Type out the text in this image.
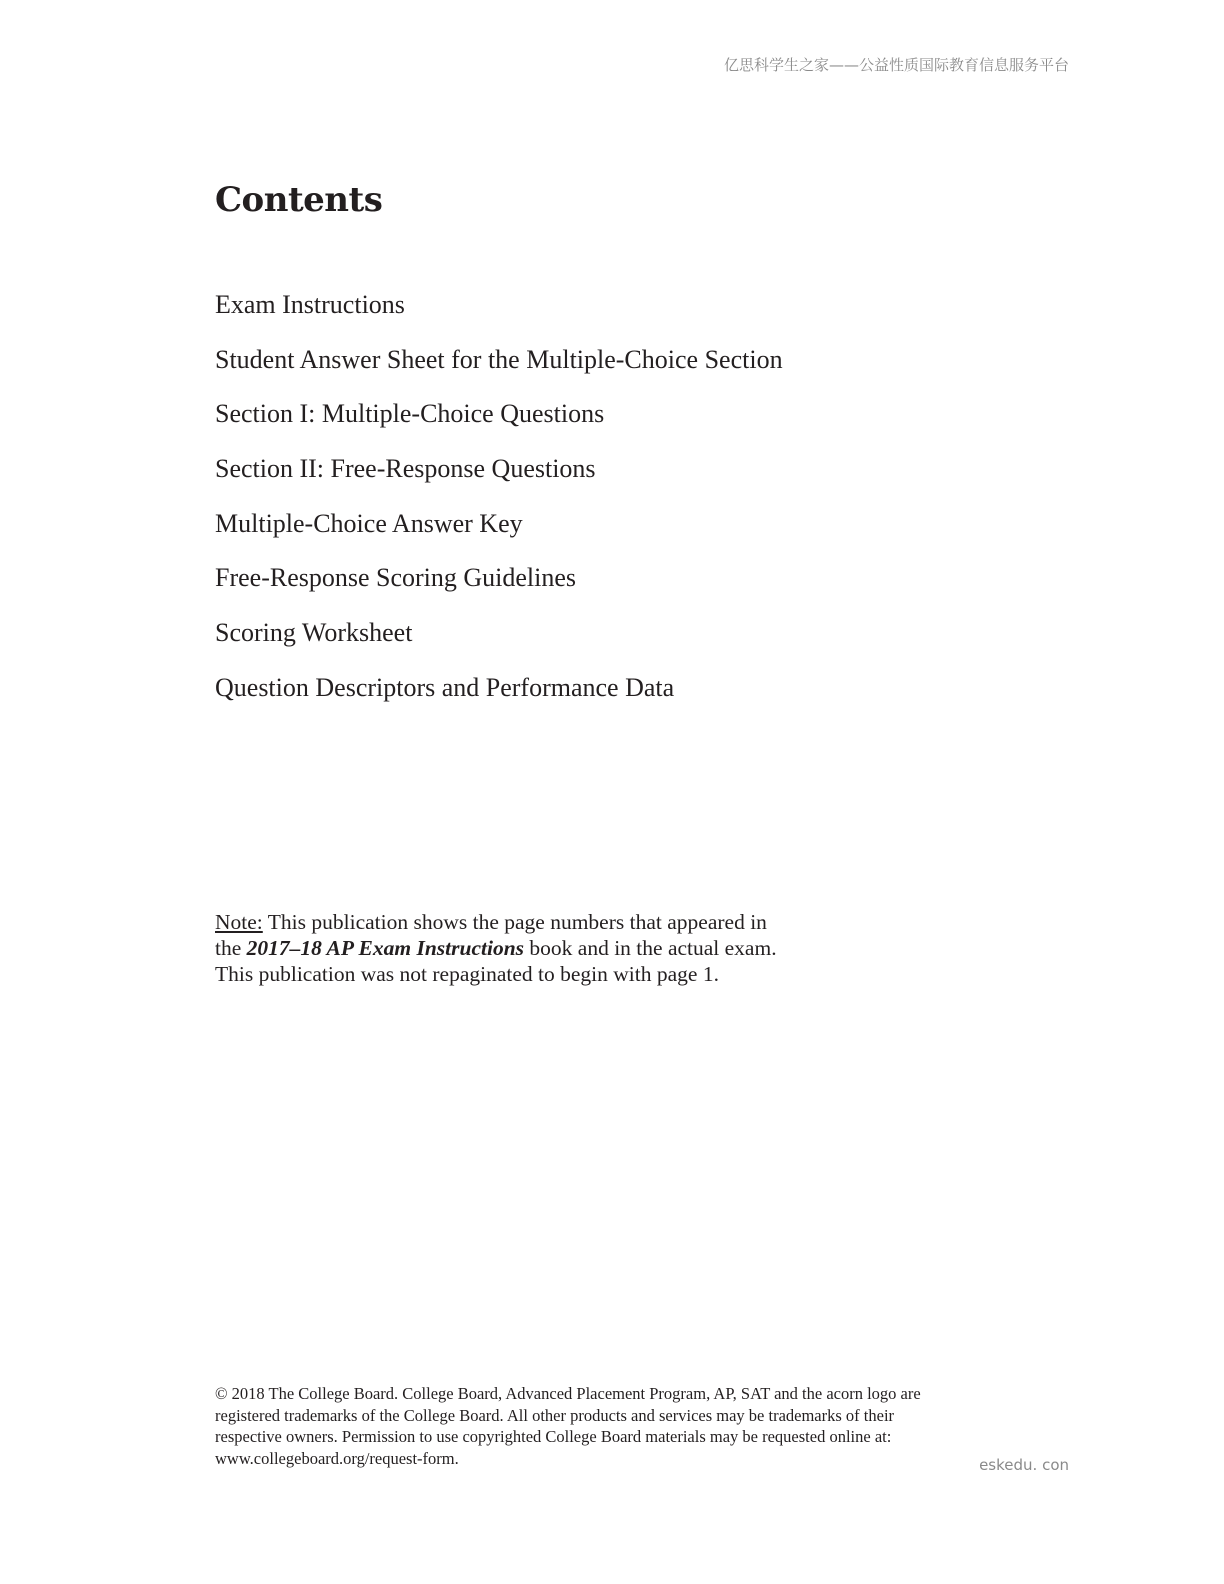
亿思科学生之家——公益性质国际教育信息服务平台
Contents
Exam Instructions
Student Answer Sheet for the Multiple-Choice Section
Section I: Multiple-Choice Questions
Section II: Free-Response Questions
Multiple-Choice Answer Key
Free-Response Scoring Guidelines
Scoring Worksheet
Question Descriptors and Performance Data
Note: This publication shows the page numbers that appeared in
the 2017–18 AP Exam Instructions book and in the actual exam.
This publication was not repaginated to begin with page 1.
© 2018 The College Board. College Board, Advanced Placement Program, AP, SAT and the acorn logo are
registered trademarks of the College Board. All other products and services may be trademarks of their
respective owners. Permission to use copyrighted College Board materials may be requested online at:
www.collegeboard.org/request-form.	eskedu. con
